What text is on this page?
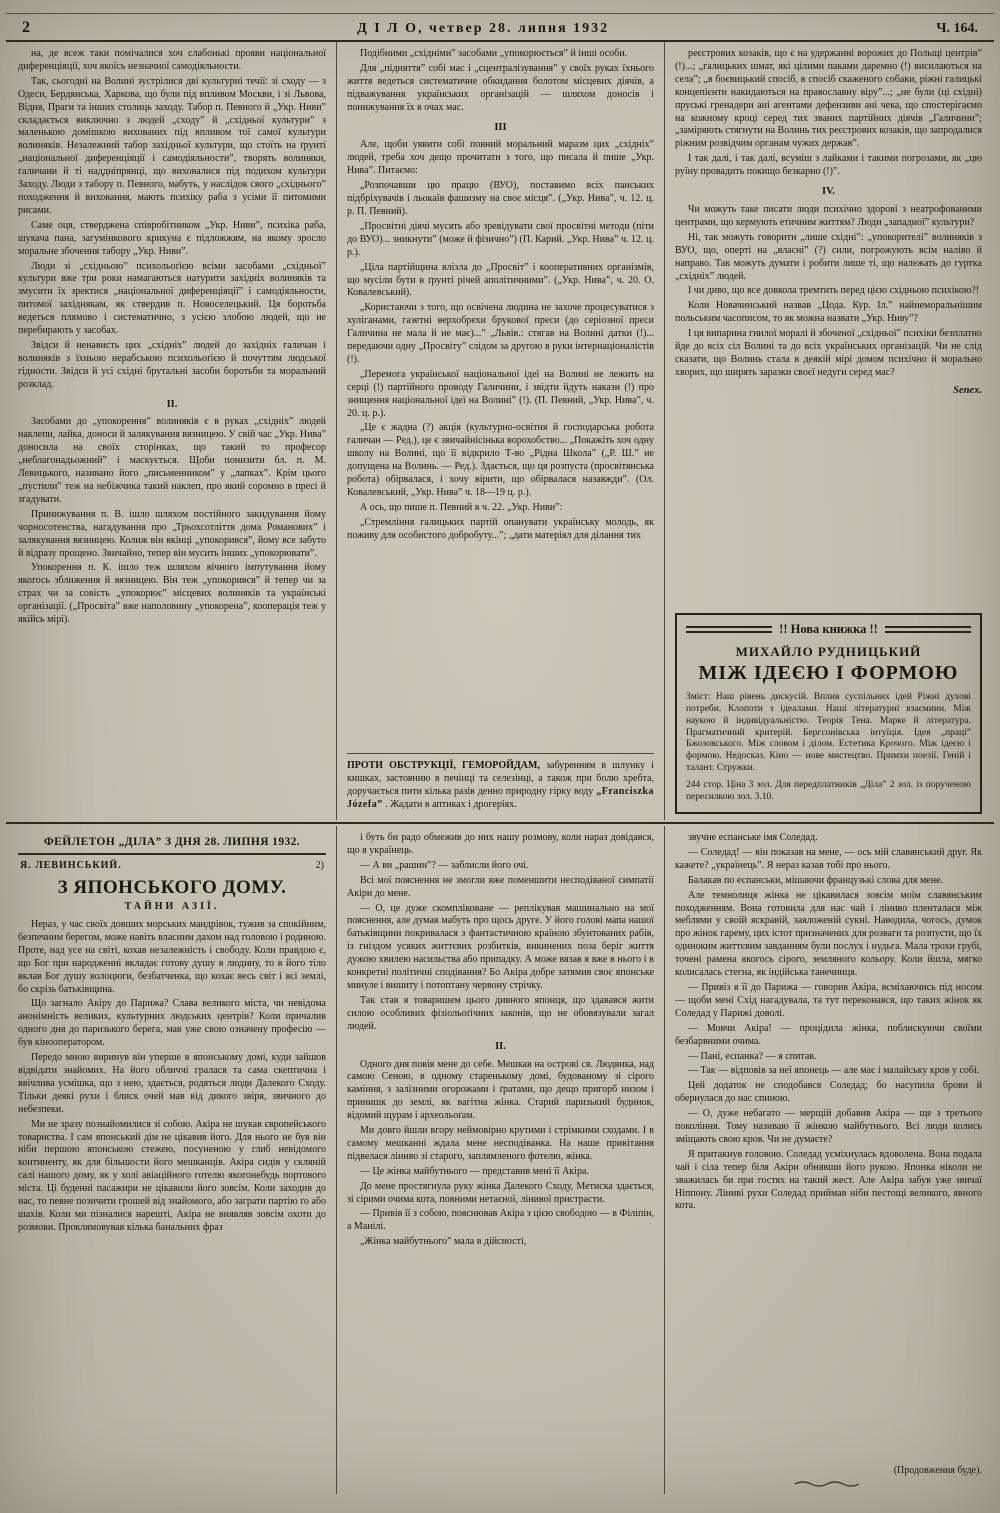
2	Д І Л О, четвер 28. липня 1932	Ч. 164.

на, де всеж таки помічалися хоч слабонькі прояви національної диференціяції, хоч якоїсь незначної самодіяльности.

Так, сьогодні на Волині зустрілися дві культурні течії: зі сходу — з Одеси, Бердянська, Харкова, що були під впливом Москви, і зі Львова, Відня, Праги та інших столиць заходу. Табор п. Певного й „Укр. Ниви” складається виключно з людей „сходу” й „східньої культури” з маленькою домішкою вихованих під впливом тої самої культури волиняків. Незалежний табор західньої культури, що стоїть на ґрунті „національної диференціяції і самодіяльности”, творять волиняки, галичани й ті наддніпрянці, що виховалися під подихом культури Заходу. Люди з табору п. Певного, мабуть, у наслідок свого „східнього” походження й виховання, мають психіку раба з усіми її питомими рисами.

Саме оця, стверджена співробітником „Укр. Ниви”, психіка раба, шукача пана, загумінкового крикуна є підложжям, на якому зросло моральне збочення табору „Укр. Ниви”.

Люди зі „східньою” психольоґією всіми засобами „східньої” культури вже три роки намагаються натурити західніх волиняків та змусити їх зректися „національної диференціяції” і самодіяльности, питомої західнякам, як ствердив п. Новоселецький. Ця боротьба ведеться плямово і систематично, з усією злобою людей, що не перебирають у засобах.

Звідси й ненависть цих „східніх” людей до західніх галичан і волиняків з їхньою нерабською психольоґією й почуттям людської гідности. Звідси й усі східні брутальні засоби боротьби та моральний розклад.

II.

Засобами до „упокорення” волиняків є в руках „східніх” людей наклепи, лайка, доноси й залякування вязницею. У свій час „Укр. Нива” доносила на своїх сторінках, що такий то професор „неблагонадьожний” і маскується. Щоби понизити бл. п. М. Левицького, називано його „письменником” у „лапках”. Крім цього „пустили” теж на небіжчика такий наклеп, про який соромно в пресі й згадувати.

Принижування п. В. ішло шляхом постійного закидування йому чорносотенства, нагадування про „Трьохсотліття дома Романових” і залякування вязницею. Колиж він вкінці „упокорився”, йому все забуто й відразу прощено. Звичайно, тепер він мусить інших „упокорювати”.

Упокорення п. К. ішло теж шляхом вічного імпутування йому якогось зближення й вязницею. Він теж „упокорився” й тепер чи за страх чи за совість „упокорює” місцевих волиняків та українські організації. („Просвіта” вже наполовину „упокорена”, кооперація теж у якійсь мірі).

Подібними „східніми” засобами „упокорюється” й інші особи.

Для „підняття” собі мас і „сцентралізування” у своїх руках їхнього життя ведеться систематичне обкидання болотом місцевих діячів, а підважування українських організацій — шляхом доносів і понижування їх в очах мас.

III

Але, щоби уявити собі повний моральний маразм цих „східніх” людей, треба хоч дещо прочитати з того, що писала й пише „Укр. Нива”. Питаємо:

„Розпочавши цю працю (ВУО), поставимо всіх панських підбріхувачів і льокаїв фашизму на своє місця”. („Укр. Нива”, ч. 12. ц. р. П. Певний).

„Просвітні діячі мусять або зревідувати свої просвітні методи (піти до ВУО)... зникнути” (може й фізично”) (П. Карий. „Укр. Нива” ч. 12. ц. р.).

„Ціла партійщина влізла до „Просвіт” і кооперативних організмів, що мусіли бути в ґрунті річей аполітичними”. („Укр. Нива”, ч. 20. О. Ковалевський).

„Користаючи з того, що освічена людина не захоче процесуватися з хуліганами, газетні верхобрехи брукової преси (до серіозної преси Галичина не мала й не має)...” „Львів.: стягав на Волині датки (!)... передаючи одну „Просвіту” слідом за другою в руки інтернаціоналістів (!).

„Перемога української національної ідеї на Волині не лежить на серці (!) партійного проводу Галичини, і звідти йдуть накази (!) про знищення національної ідеї на Волині” (!). (П. Певний, „Укр. Нива”, ч. 20. ц. р.).

„Це є жадна (?) акція (культурно-освітня й господарська робота галичан — Ред.), це є звичайнісінька ворохобство... „Покажіть хоч одну школу на Волині, що її відкрило Т-во „Рідна Школа” („Р. Ш.” не допущена на Волинь. — Ред.). Здається, що ця розпуста (просвітянська робота) обірвалася, і хочу вірити, що обірвалася назавжди”. (Ол. Ковалевський, „Укр. Нива” ч. 18—19 ц. р.).

А ось, що пише п. Певний в ч. 22. „Укр. Ниви”:

„Стремління галицьких партій опанувати українську молодь, як поживу для особистого добробуту...”; „дати матеріял для ділання тих

ПРОТИ ОБСТРУКЦІЇ, ГЕМОРОЙДАМ, забуренням в шлунку і кишках, застоянню в печінці та селезінці, а також при болю хребта, доручається пити кілька разів денно природну гірку воду „Franciszka Józefa” . Жадати в аптиках і дрогеріях.

реєстрових козаків, що є на удержанні ворожих до Польщі центрів” (!)...; „галицьких шмат, які цілими паками даремно (!) висилаються на села”; „в боєвицький спосіб, в спосіб скаженого собаки, ріжні галицькі концепієнти накидаються на православну віру”...; „не були (ці східні) пруські гренадери ані агентами дефензиви ані чека, що спостерігаємо на кожному кроці серед тих званих партійних діячів „Галичини”; „заміряють стягнути на Волинь тих реєстрових козаків, що запродалися ріжним розвідчим органам чужих держав”.

І так далі, і так далі, всуміш з лайками і такими погрозами, як „цю руїну провадить покищо безкарно (!)”.

IV.

Чи можуть таке писати люди психічно здорові з неатрофованими центрами, що кермують етичним життям? Люди „западної” культури?

Ні, так можуть говорити „лише східні”: „упокорителі” волиняків з ВУО, що, оперті на „власні” (?) сили, погрожують всім наліво й направо. Так можуть думати і робити лише ті, що належать до гуртка „східніх” людей.

І чи диво, що все довкола тремтить перед цією східньою психікою?!

Коли Новачинський назвав „Цода. Кур. Іл.” найнеморальнішим польським часописом, то як можна назвати „Укр. Ниву”?

І ця випарина гнилої моралі й збоченої „східньої” психіки безплатно йде до всіх сіл Волині та до всіх українських організацій. Чи не слід сказати, що Волинь стала в деякій мірі домом психічно й морально хворих, що ширять заразки своєї недуги серед мас?

Senex.

!! Нова книжка !!
МИХАЙЛО РУДНИЦЬКИЙ
МІЖ ІДЕЄЮ І ФОРМОЮ
Зміст: Наш рівень дискусій. Вплив суспільних ідей Ріжні духові потреби. Клопоти з ідеалами. Наші літературні взаємини. Між наукою й індивідуальністю. Теорія Тена. Марке й література. Прагматичний критерій. Бергсонівська інтуїція. Ідея „праці” Бжозовського. Між словом і ділом. Естетика Крочого. Між ідеєю і формою. Недосказ. Кіно — нове мистецтво. Примхи поезії. Геній і талант. Стружки.
244 стор. Ціна 3 зол. Для передплатників „Діла” 2 зол. із порученою пересилкою зол. 3.10.
ФЕЙЛЕТОН „ДІЛА” З ДНЯ 28. ЛИПНЯ 1932.
Я. ЛЕВИНСЬКИЙ.	2)
З ЯПОНСЬКОГО ДОМУ.
ТАЙНИ АЗІЇ.

Нераз, у час своїх довших морських мандрівок, тужив за спокійним, безпечним берегом, може навіть власним дахом над головою і родиною. Проте, над усе на світі, кохав незалежність і свободу. Коли правдою є, що Бог при народженні вкладає готову душу в людину, то в його тіло вклав Бог душу волоцюги, безбатченка, що кохає весь світ і всі землі, бо скрізь батьківщина.

Що загнало Акіру до Парижа? Слава великого міста, чи невідома анонімність великих, культурних людських центрів? Коли причалив одного дня до паризького берега, мав уже свою означену професію — був кінооператором.

Передо мною виринув він уперше в японському домі, куди зайшов відвідати знайомих. На його обличчі гралася та сама скептична і ввічлива усмішка, що з нею, здається, родяться люди Далекого Сходу. Тільки деякі рухи і блиск очей мав від дикого звіря, звичного до небезпеки.

Ми не зразу познайомилися зі собою. Акіра не шукав європейського товариства. І сам японський дім не цікавив його. Для нього не був він ніби першою японською стежею, посуненою у глиб невідомого континенту, як для більшости його мешканців. Акіра сидів у скляній салі нашого дому, як у холі авіаційного готелю якогонебудь портового міста. Ці буденні пасажири не цікавили його зовсім. Коли заходив до нас, то певне позичити грошей від знайомого, або заграти партію ґо або шахів. Коли ми пізналися нарешті, Акіра не виявляв зовсім охоти до розмови. Проклямовував кілька банальних фраз

і буть би радо обмежив до них нашу розмову, коли нараз довідався, що я українець.

— А ви „рашин”? — заблисли його очі.

Всі мої пояснення не змогли вже поменшити несподіваної симпатії Акіри до мене.

— О, це дуже скомпліковане — реплікував машинально на мої пояснення, але думав мабуть про щось друге. У його голові мапа нашої батьківщини покривалася з фантастичною країною збунтованих рабів, із гніздом усяких життєвих розбитків, викинених поза беріг життя дужою хвилею насильства або припадку. А може вязав я вже в нього і в конкретні політичні сподівання? Бо Акіра добре затямив своє японське минуле і вишиту і потоптану червону стрічку.

Так став я товаришем цього дивного японця, що здавався жити силою особливих фізіольоґічних законів, що не обовязували загал людей.

II.

Одного дня повів мене до себе. Мешкав на острові св. Людвика, над самою Сеною, в одному старенькому домі, будованому зі сірого каміння, з залізними огорожами і ґратами, що дещо пригорб низом і принишк до землі, як вагітна жінка. Старий паризький будинок, відомий щурам і археольоґам.

Ми довго йшли вгору неймовірно крутими і стрімкими сходами. І в самому мешканні ждала мене несподіванка. На наше привітання підвелася ліниво зі старого, заплямленого фотелю, жінка.

— Це жінка майбутнього — представив мені її Акіра.

До мене простягнула руку жінка Далекого Сходу, Метиска здається, зі сірими очима кота, повними нетаєної, лінивої пристрасти.

— Привів її з собою, пояснював Акіра з цією свободою — в Філіпін, а Манілі.

„Жінка майбутнього” мала в дійсності,

звучне еспанське імя Соледад.

— Соледад! — він показав на мене, — ось мій славянський друг. Як кажете? „українець”. Я нераз казав тобі про нього.

Балакав по еспанськи, мішаючи французькі слова для мене.

Але темнолиця жінка не цікавилася зовсім моїм славянським походженням. Вона готовила для нас чай і ліниво пленталася між меблями у своїй яскравій, заяложеній сукні. Наводила, чогось, думок про жінок гарему, цих істот призначених для розваги та розпусти, що їх одиноким життєвим завданням були послух і нудьга. Мала трохи грубі, точені рамена якогось сірого, земляного кольору. Коли йшла, мягко колисалась стегна, як індійська танечниця.

— Привіз я її до Парижа — говорив Акіра, всміхаючись під носом — щоби мені Схід нагадувала, та тут переконався, що таких жінок як Соледад у Парижі доволі.

— Мовчи Акіра! — процідила жінка, поблискуючи своїми безбарвними очима.

— Пані, еспанка? — я спитав.

— Так — відповів за неї японець — але має і малайську кров у собі.

Цей додаток не сподобався Соледад; бо насупила брови й обернулася до нас спиною.

— О, дуже небагато — мерщій добавив Акіра — ще з третього покоління. Тому називаю її жінкою майбутнього. Всі люди колись зміщають свою кров. Чи не думаєте?

Я притакнув головою. Соледад усміхнулась вдоволена. Вона подала чай і сіла тепер біля Акіри обнявши його рукою. Японка ніколи не зважилась би при гостях на такий жест. Але Акіра забув уже звичаї Ніппону. Ліниві рухи Соледад приймав ніби пестощі великого, явного кота.

(Продовження буде).
